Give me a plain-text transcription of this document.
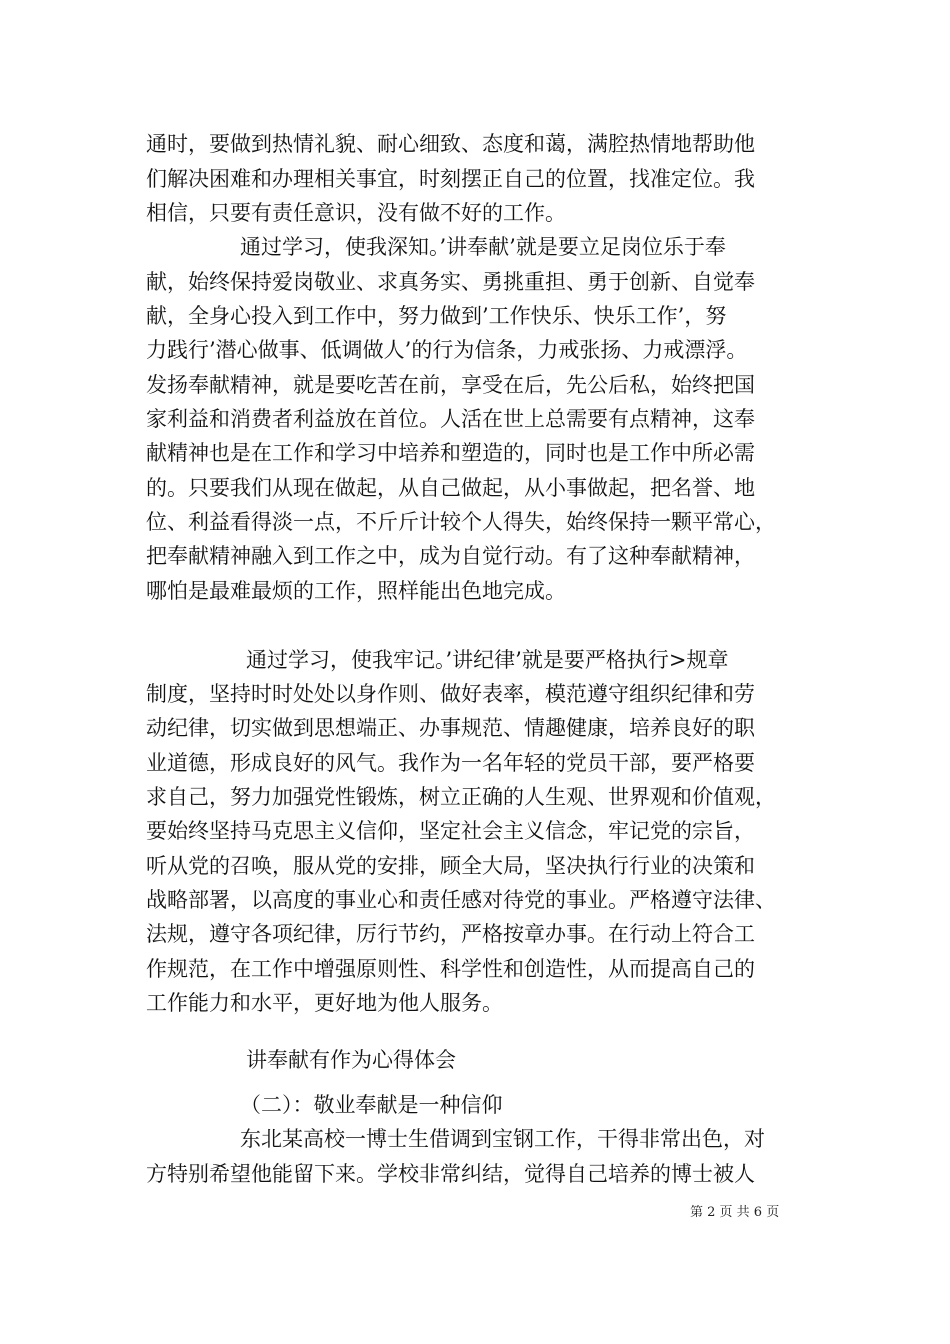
通时，要做到热情礼貌、耐心细致、态度和蔼，满腔热情地帮助他
们解决困难和办理相关事宜，时刻摆正自己的位置，找准定位。我
相信，只要有责任意识，没有做不好的工作。
通过学习，使我深知。’讲奉献’就是要立足岗位乐于奉
献，始终保持爱岗敬业、求真务实、勇挑重担、勇于创新、自觉奉
献，全身心投入到工作中，努力做到’工作快乐、快乐工作’，努
力践行’潜心做事、低调做人’的行为信条，力戒张扬、力戒漂浮。
发扬奉献精神，就是要吃苦在前，享受在后，先公后私，始终把国
家利益和消费者利益放在首位。人活在世上总需要有点精神，这奉
献精神也是在工作和学习中培养和塑造的，同时也是工作中所必需
的。只要我们从现在做起，从自己做起，从小事做起，把名誉、地
位、利益看得淡一点，不斤斤计较个人得失，始终保持一颗平常心，
把奉献精神融入到工作之中，成为自觉行动。有了这种奉献精神，
哪怕是最难最烦的工作，照样能出色地完成。
通过学习，使我牢记。’讲纪律’就是要严格执行>规章
制度，坚持时时处处以身作则、做好表率，模范遵守组织纪律和劳
动纪律，切实做到思想端正、办事规范、情趣健康，培养良好的职
业道德，形成良好的风气。我作为一名年轻的党员干部，要严格要
求自己，努力加强党性锻炼，树立正确的人生观、世界观和价值观，
要始终坚持马克思主义信仰，坚定社会主义信念，牢记党的宗旨，
听从党的召唤，服从党的安排，顾全大局，坚决执行行业的决策和
战略部署，以高度的事业心和责任感对待党的事业。严格遵守法律、
法规，遵守各项纪律，厉行节约，严格按章办事。在行动上符合工
作规范，在工作中增强原则性、科学性和创造性，从而提高自己的
工作能力和水平，更好地为他人服务。
讲奉献有作为心得体会
（二）：敬业奉献是一种信仰
东北某高校一博士生借调到宝钢工作，干得非常出色，对
方特别希望他能留下来。学校非常纠结，觉得自己培养的博士被人
第 2 页 共 6 页
